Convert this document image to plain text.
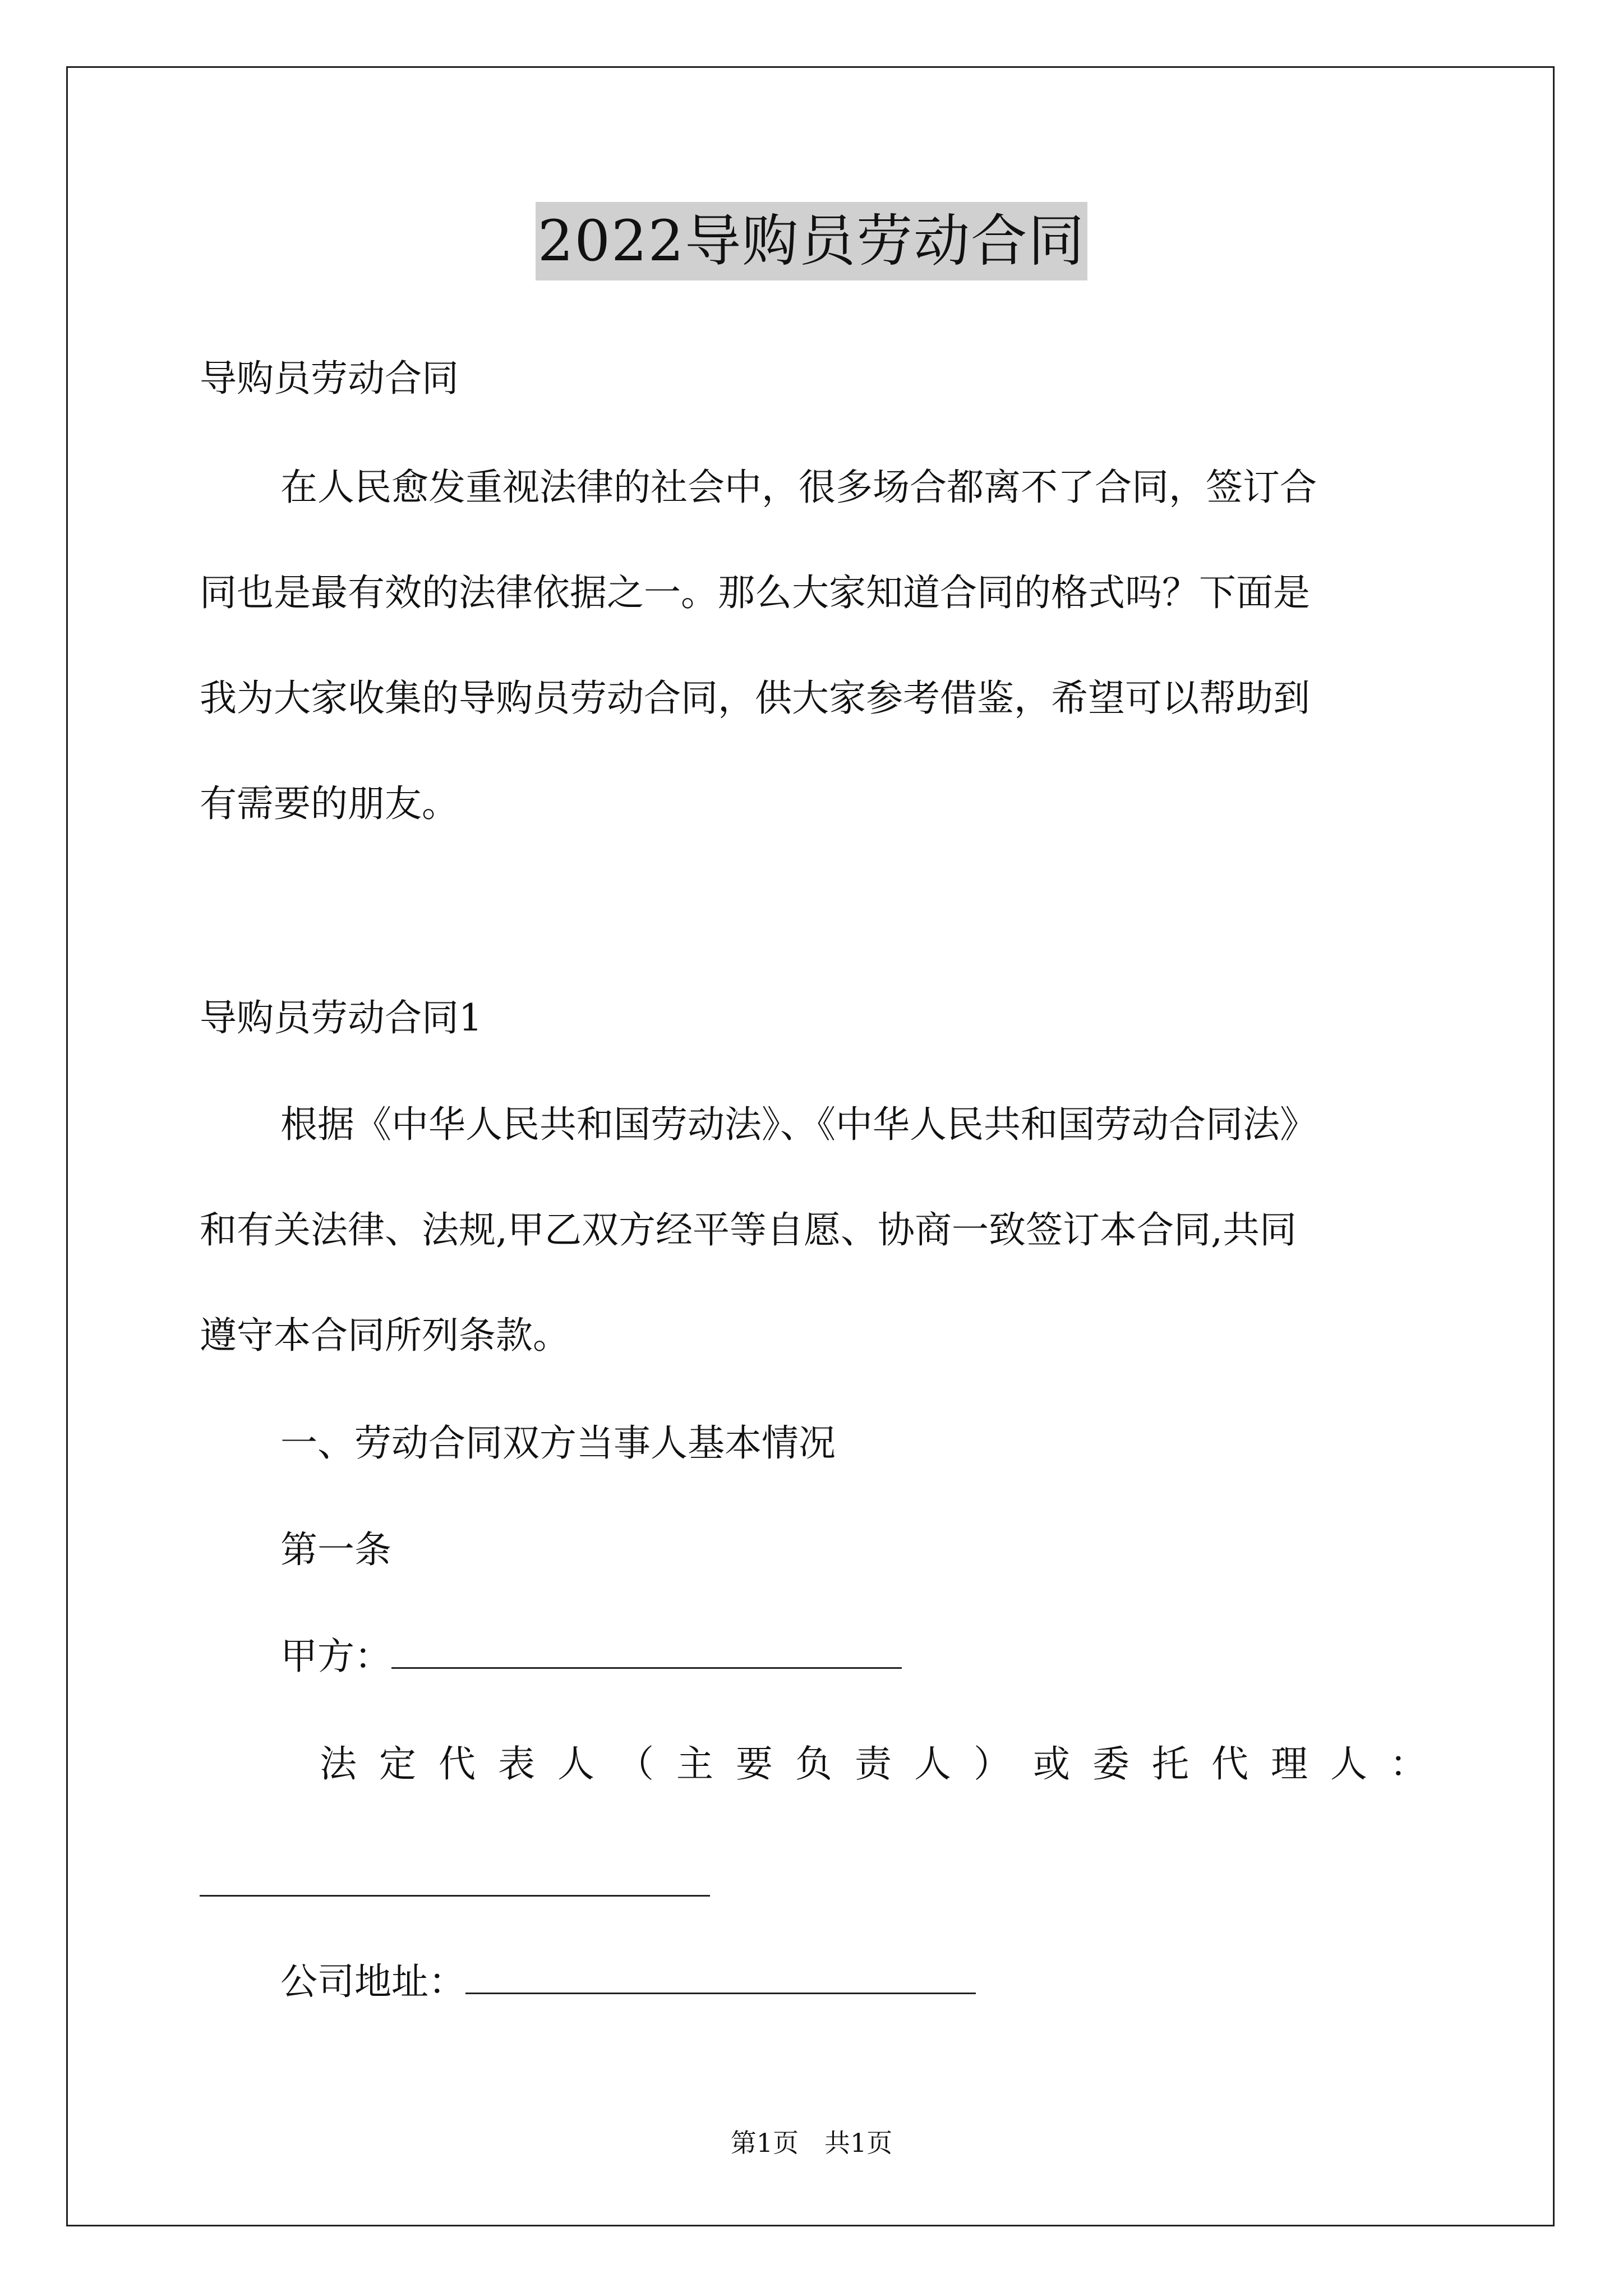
2022导购员劳动合同
导购员劳动合同
在人民愈发重视法律的社会中，很多场合都离不了合同，签订合
同也是最有效的法律依据之一。那么大家知道合同的格式吗？下面是
我为大家收集的导购员劳动合同，供大家参考借鉴，希望可以帮助到
有需要的朋友。
导购员劳动合同1
根据《中华人民共和国劳动法》、《中华人民共和国劳动合同法》
和有关法律、法规,甲乙双方经平等自愿、协商一致签订本合同,共同
遵守本合同所列条款。
一、劳动合同双方当事人基本情况
第一条
甲方：
法定代表人（主要负责人）或委托代理人：
公司地址：
第1页　共1页
